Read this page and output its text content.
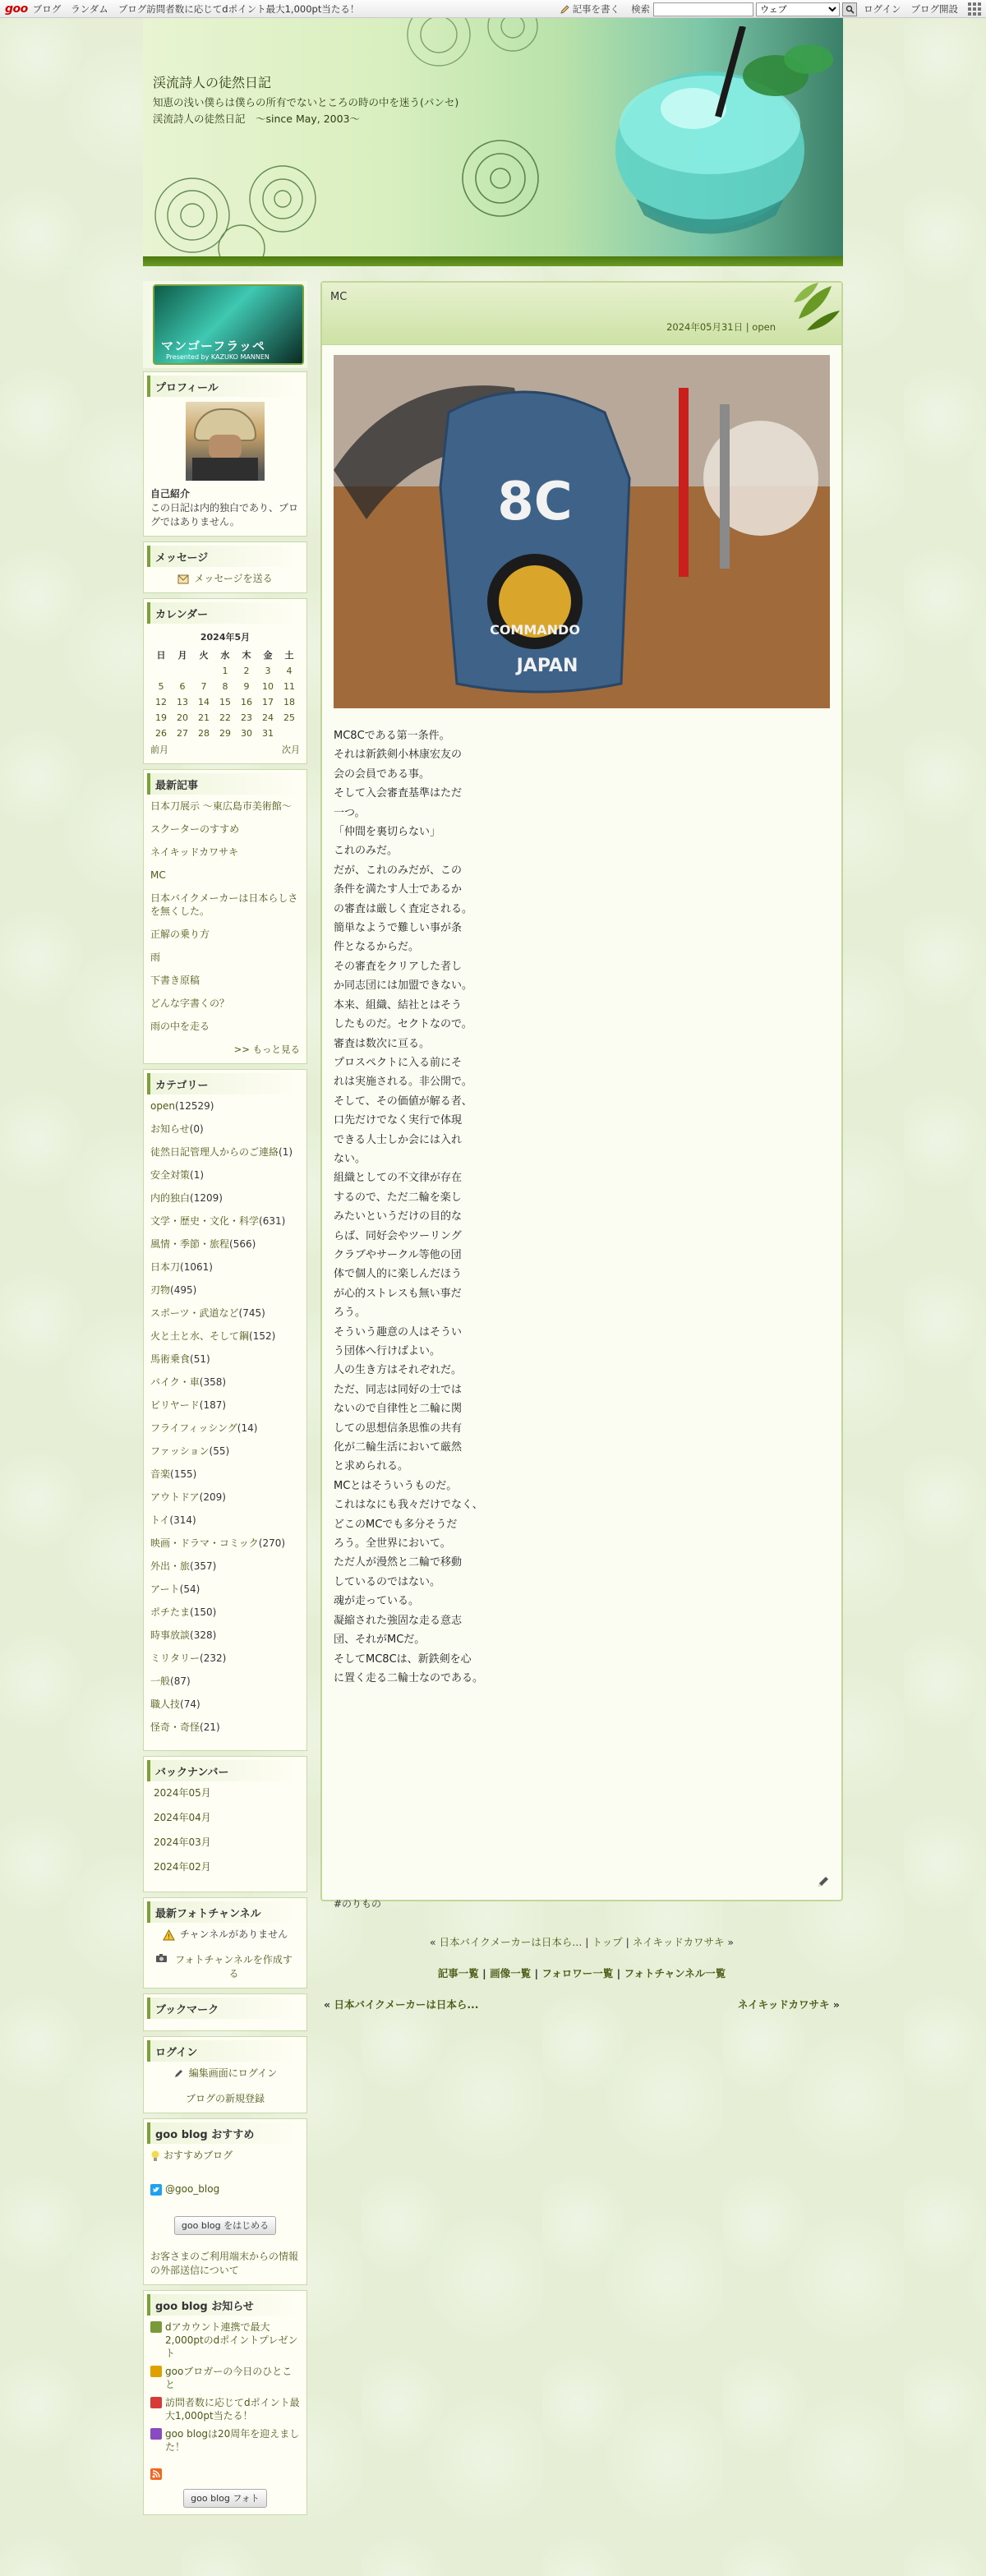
goo ブログ ランダム ブログ訪問者数に応じてdポイント最大1,000pt当たる！	記事を書く 検索
ウェブ	ログイン ブログ開設
渓流詩人の徒然日記
知恵の浅い僕らは僕らの所有でないところの時の中を迷う(パンセ)　渓流詩人の徒然日記　～since May, 2003～
マンゴーフラッペ
Presented by KAZUKO MANNEN
プロフィール
自己紹介
この日記は内的独白であり、ブログではありません。
メッセージ
メッセージを送る
カレンダー
2024年5月
日	月	火	水	木	金	土
			1	2	3	4
5	6	7	8	9	10	11
12	13	14	15	16	17	18
19	20	21	22	23	24	25
26	27	28	29	30	31	
前月	次月
最新記事
日本刀展示 ～東広島市美術館～
スクーターのすすめ
ネイキッドカワサキ
MC
日本バイクメーカーは日本らしさを無くした。
正解の乗り方
雨
下書き原稿
どんな字書くの？
雨の中を走る
>> もっと見る
カテゴリー
open(12529)
お知らせ(0)
徒然日記管理人からのご連絡(1)
安全対策(1)
内的独白(1209)
文学・歴史・文化・科学(631)
風情・季節・旅程(566)
日本刀(1061)
刃物(495)
スポーツ・武道など(745)
火と土と水、そして鋼(152)
馬術乗食(51)
バイク・車(358)
ビリヤード(187)
フライフィッシング(14)
ファッション(55)
音楽(155)
アウトドア(209)
トイ(314)
映画・ドラマ・コミック(270)
外出・旅(357)
アート(54)
ポチたま(150)
時事放談(328)
ミリタリー(232)
一般(87)
職人技(74)
怪奇・奇怪(21)
バックナンバー
2024年05月
2024年04月
2024年03月
2024年02月
最新フォトチャンネル
! チャンネルがありません
フォトチャンネルを作成する
ブックマーク
ログイン
編集画面にログイン
ブログの新規登録
goo blog おすすめ
おすすめブログ
@goo_blog
goo blog をはじめる
お客さまのご利用端末からの情報の外部送信について
goo blog お知らせ
dアカウント連携で最大2,000ptのdポイントプレゼント
gooブロガーの今日のひとこと
訪問者数に応じてdポイント最大1,000pt当たる！
goo blogは20周年を迎えました！
goo blog フォト
MC
2024年05月31日 | open
8C
COMMANDO
JAPAN
MC8Cである第一条件。
それは新鉄剣小林康宏友の
会の会員である事。
そして入会審査基準はただ
一つ。
「仲間を裏切らない」
これのみだ。
だが、これのみだが、この
条件を満たす人士であるか
の審査は厳しく査定される。
簡単なようで難しい事が条
件となるからだ。
その審査をクリアした者し
か同志団には加盟できない。
本来、組織、結社とはそう
したものだ。セクトなので。
審査は数次に亘る。
プロスペクトに入る前にそ
れは実施される。非公開で。
そして、その価値が解る者、
口先だけでなく実行で体現
できる人士しか会には入れ
ない。
組織としての不文律が存在
するので、ただ二輪を楽し
みたいというだけの目的な
らば、同好会やツーリング
クラブやサークル等他の団
体で個人的に楽しんだほう
が心的ストレスも無い事だ
ろう。
そういう趣意の人はそうい
う団体へ行けばよい。
人の生き方はそれぞれだ。
ただ、同志は同好の士では
ないので自律性と二輪に関
しての思想信条思惟の共有
化が二輪生活において厳然
と求められる。
MCとはそういうものだ。
これはなにも我々だけでなく、
どこのMCでも多分そうだ
ろう。全世界において。
ただ人が漫然と二輪で移動
しているのではない。
魂が走っている。
凝縮された強固な走る意志
団、それがMCだ。
そしてMC8Cは、新鉄剣を心
に置く走る二輪士なのである。
#のりもの
« 日本バイクメーカーは日本ら... | トップ | ネイキッドカワサキ »
記事一覧 | 画像一覧 | フォロワー一覧 | フォトチャンネル一覧
« 日本バイクメーカーは日本ら...	ネイキッドカワサキ »
